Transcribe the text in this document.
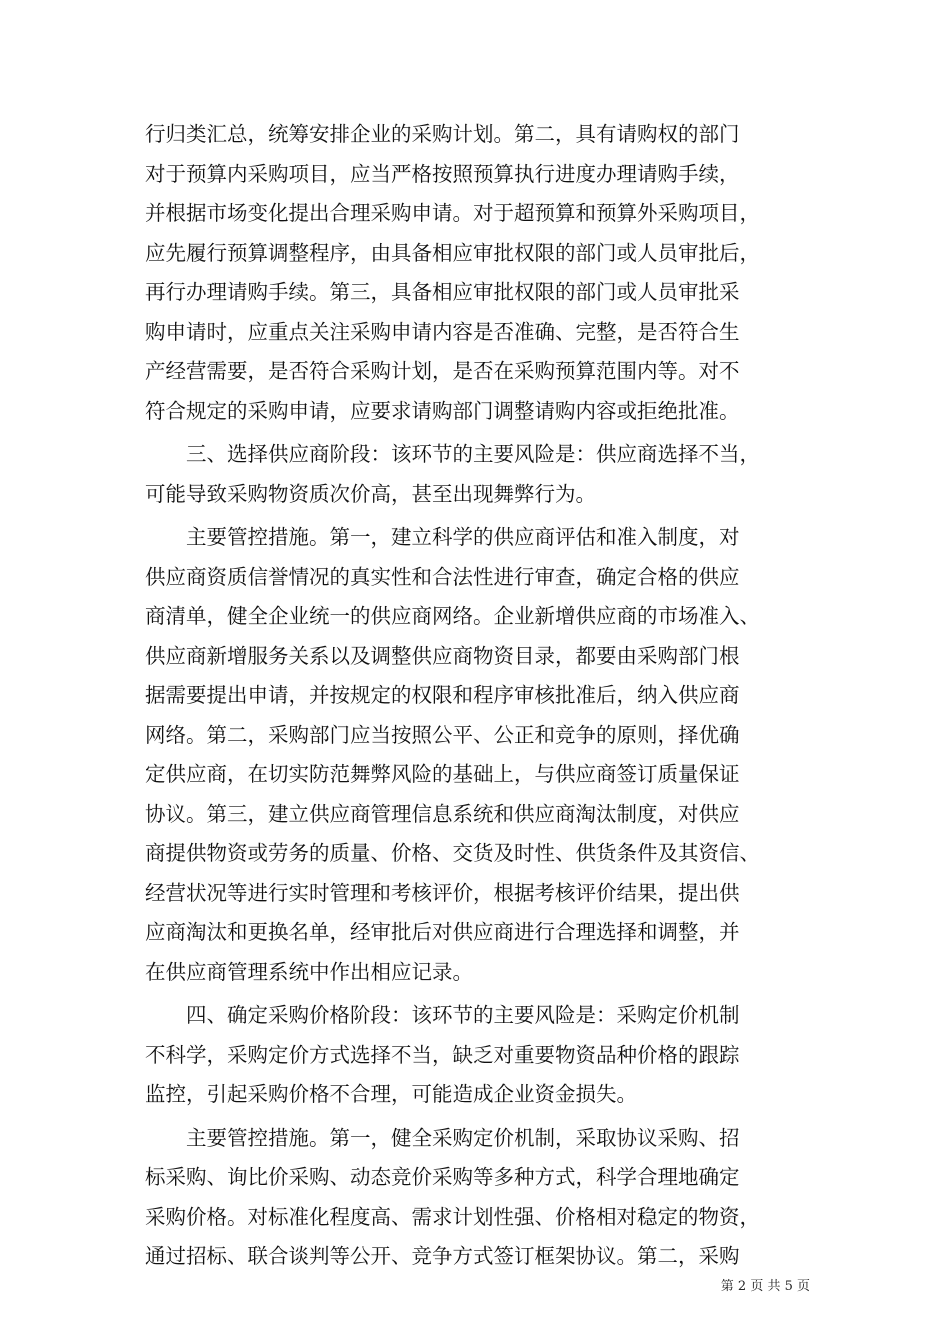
行归类汇总，统筹安排企业的采购计划。第二，具有请购权的部门
对于预算内采购项目，应当严格按照预算执行进度办理请购手续，
并根据市场变化提出合理采购申请。对于超预算和预算外采购项目，
应先履行预算调整程序，由具备相应审批权限的部门或人员审批后，
再行办理请购手续。第三，具备相应审批权限的部门或人员审批采
购申请时，应重点关注采购申请内容是否准确、完整，是否符合生
产经营需要，是否符合采购计划，是否在采购预算范围内等。对不
符合规定的采购申请，应要求请购部门调整请购内容或拒绝批准。
三、选择供应商阶段：该环节的主要风险是：供应商选择不当，
可能导致采购物资质次价高，甚至出现舞弊行为。
主要管控措施。第一，建立科学的供应商评估和准入制度，对
供应商资质信誉情况的真实性和合法性进行审查，确定合格的供应
商清单，健全企业统一的供应商网络。企业新增供应商的市场准入、
供应商新增服务关系以及调整供应商物资目录，都要由采购部门根
据需要提出申请，并按规定的权限和程序审核批准后，纳入供应商
网络。第二，采购部门应当按照公平、公正和竞争的原则，择优确
定供应商，在切实防范舞弊风险的基础上，与供应商签订质量保证
协议。第三，建立供应商管理信息系统和供应商淘汰制度，对供应
商提供物资或劳务的质量、价格、交货及时性、供货条件及其资信、
经营状况等进行实时管理和考核评价，根据考核评价结果，提出供
应商淘汰和更换名单，经审批后对供应商进行合理选择和调整，并
在供应商管理系统中作出相应记录。
四、确定采购价格阶段：该环节的主要风险是：采购定价机制
不科学，采购定价方式选择不当，缺乏对重要物资品种价格的跟踪
监控，引起采购价格不合理，可能造成企业资金损失。
主要管控措施。第一，健全采购定价机制，采取协议采购、招
标采购、询比价采购、动态竞价采购等多种方式，科学合理地确定
采购价格。对标准化程度高、需求计划性强、价格相对稳定的物资，
通过招标、联合谈判等公开、竞争方式签订框架协议。第二，采购
第 2 页 共 5 页
